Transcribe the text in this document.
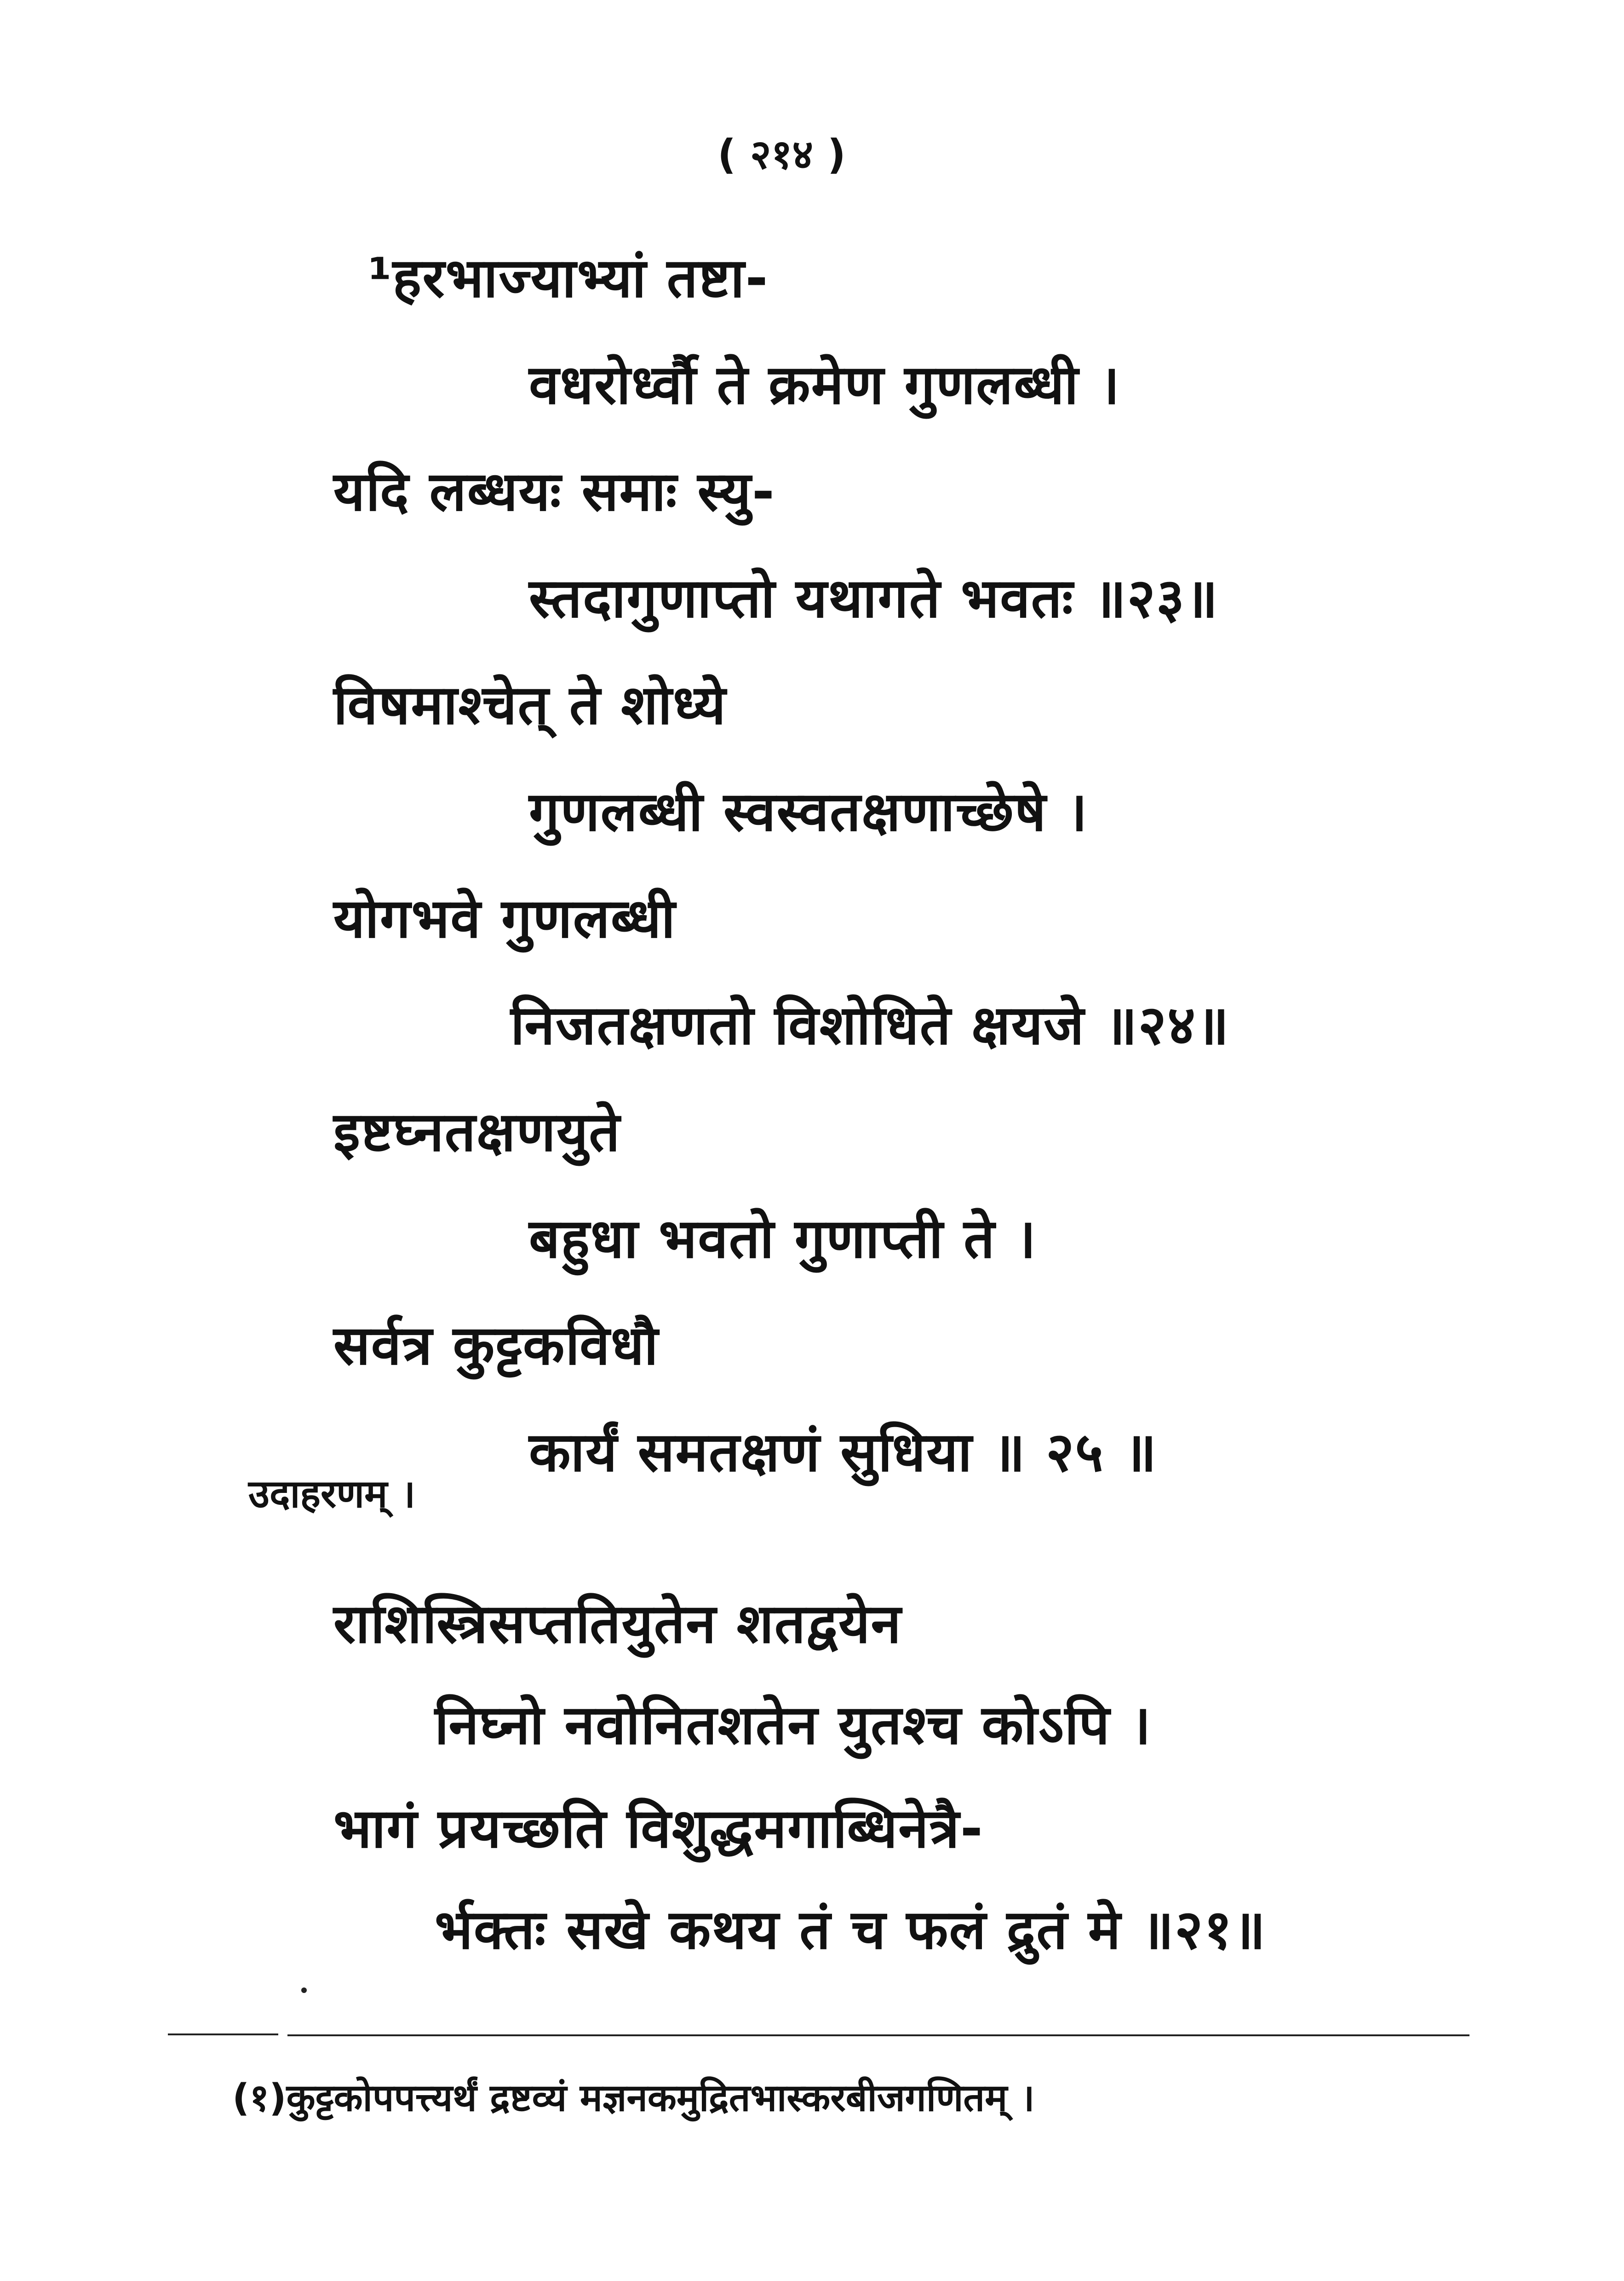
( २१४ )
¹हरभाज्याभ्यां तष्टा-
वधरोर्ध्वौ ते क्रमेण गुणलब्धी ।
यदि लब्धयः समाः स्यु-
स्तदागुणाप्तो यथागते भवतः ॥२३॥
विषमाश्चेत् ते शोध्ये
गुणलब्धी स्वस्वतक्षणाच्छेषे ।
योगभवे गुणलब्धी
निजतक्षणतो विशोधिते क्षयजे ॥२४॥
इष्टघ्नतक्षणयुते
बहुधा भवतो गुणाप्ती ते ।
सर्वत्र कुट्टकविधौ
कार्यं समतक्षणं सुधिया ॥ २५ ॥
उदाहरणम् ।
राशिस्त्रिसप्ततियुतेन शतद्वयेन
निघ्नो नवोनितशतेन युतश्च कोऽपि ।
भागं प्रयच्छति विशुद्धमगाब्धिनेत्रै-
र्भक्तः सखे कथय तं च फलं द्रुतं मे ॥२१॥
(१)कुट्टकोपपत्त्यर्थं द्रष्टव्यं मज्ञनकमुद्रितभास्करबीजगणितम् ।
